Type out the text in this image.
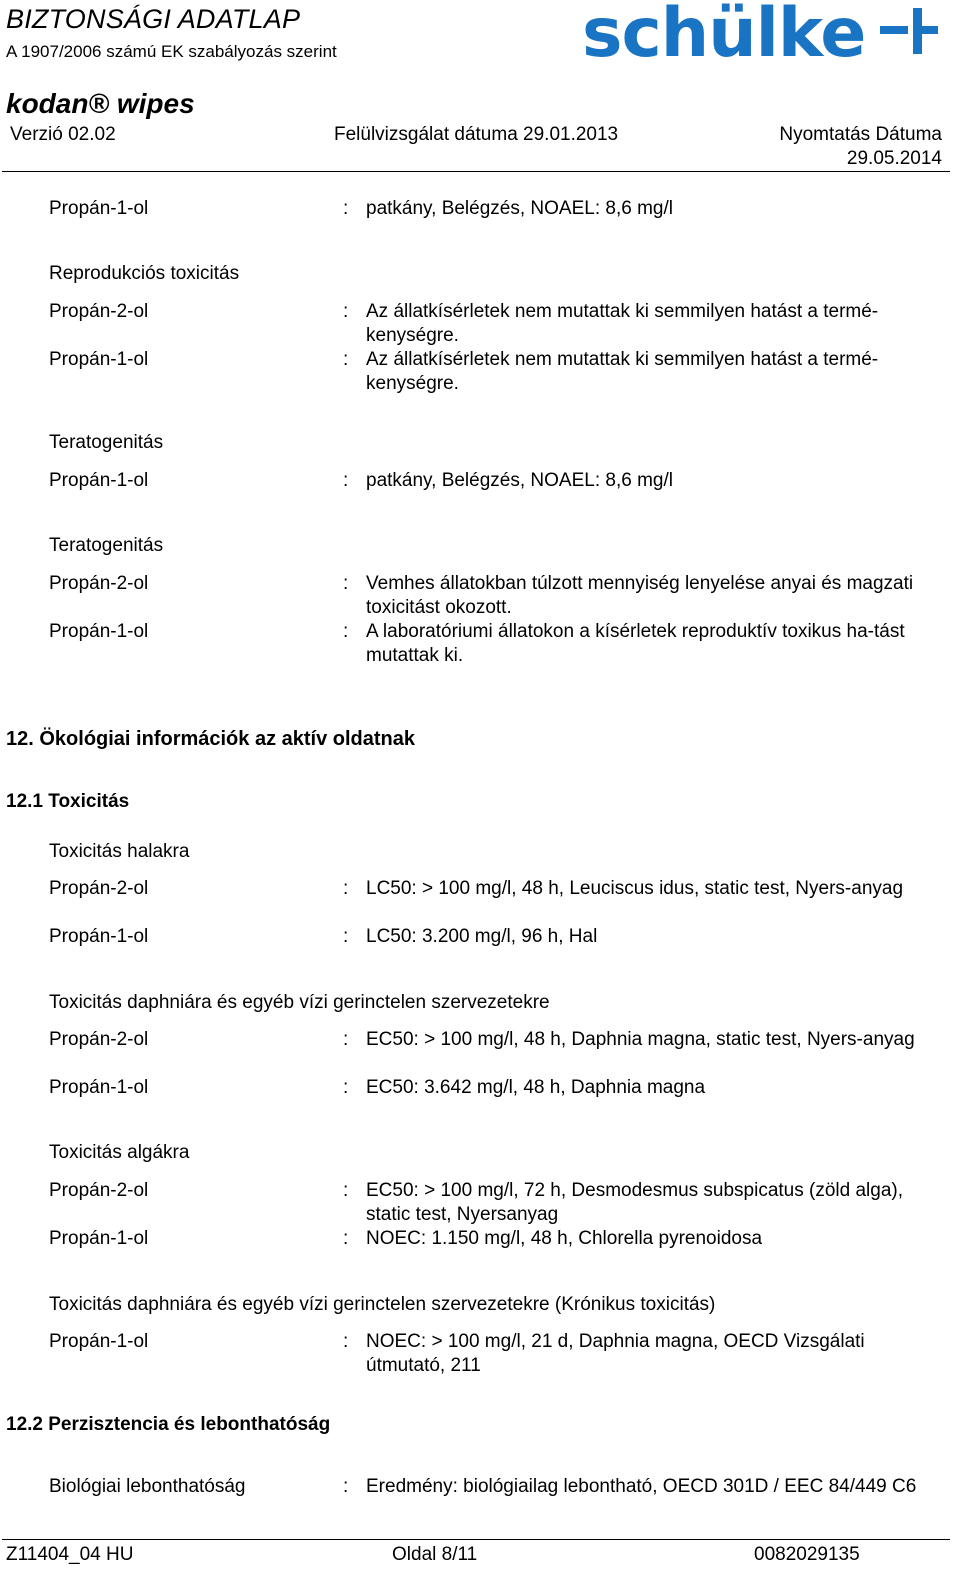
BIZTONSÁGI ADATLAP
A 1907/2006 számú EK szabályozás szerint	schülke
kodan® wipes
Verzió 02.02	Felülvizsgálat dátuma 29.01.2013	Nyomtatás Dátuma
29.05.2014
Propán-1-ol	: patkány, Belégzés, NOAEL: 8,6 mg/l
Reprodukciós toxicitás
Propán-2-ol	: Az állatkísérletek nem mutattak ki semmilyen hatást a termé-kenységre.
Propán-1-ol	: Az állatkísérletek nem mutattak ki semmilyen hatást a termé-kenységre.
Teratogenitás
Propán-1-ol	: patkány, Belégzés, NOAEL: 8,6 mg/l
Teratogenitás
Propán-2-ol	: Vemhes állatokban túlzott mennyiség lenyelése anyai és magzati toxicitást okozott.
Propán-1-ol	: A laboratóriumi állatokon a kísérletek reproduktív toxikus ha-tást mutattak ki.
12. Ökológiai információk az aktív oldatnak
12.1 Toxicitás
Toxicitás halakra
Propán-2-ol	: LC50: > 100 mg/l, 48 h, Leuciscus idus, static test, Nyers-anyag
Propán-1-ol	: LC50: 3.200 mg/l, 96 h, Hal
Toxicitás daphniára és egyéb vízi gerinctelen szervezetekre
Propán-2-ol	: EC50: > 100 mg/l, 48 h, Daphnia magna, static test, Nyers-anyag
Propán-1-ol	: EC50: 3.642 mg/l, 48 h, Daphnia magna
Toxicitás algákra
Propán-2-ol	: EC50: > 100 mg/l, 72 h, Desmodesmus subspicatus (zöld alga), static test, Nyersanyag
Propán-1-ol	: NOEC: 1.150 mg/l, 48 h, Chlorella pyrenoidosa
Toxicitás daphniára és egyéb vízi gerinctelen szervezetekre (Krónikus toxicitás)
Propán-1-ol	: NOEC: > 100 mg/l, 21 d, Daphnia magna, OECD Vizsgálati útmutató, 211
12.2 Perzisztencia és lebonthatóság
Biológiai lebonthatóság	: Eredmény: biológiailag lebontható, OECD 301D / EEC 84/449 C6
Z11404_04 HU	Oldal 8/11	0082029135
